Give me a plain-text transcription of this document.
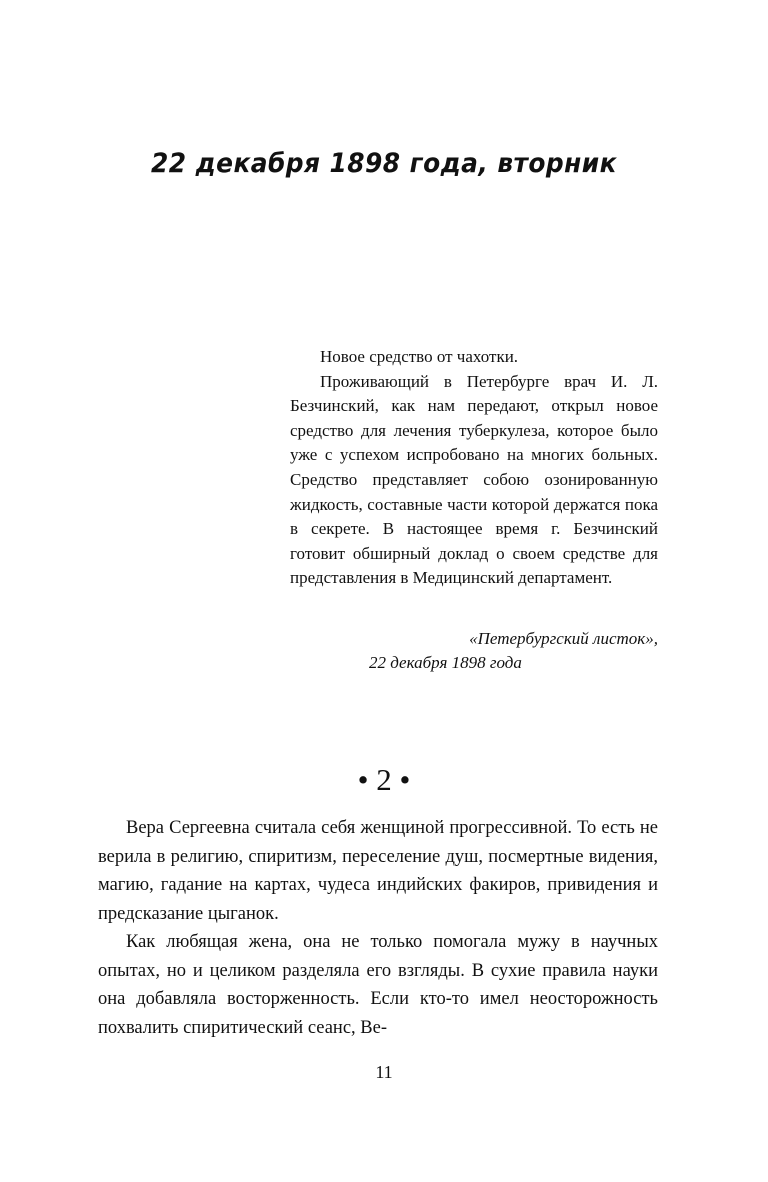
22 декабря 1898 года, вторник

Новое средство от чахотки.

Проживающий в Петербурге врач И. Л. Безчинский, как нам передают, открыл новое средство для лечения туберкулеза, которое было уже с успехом испробовано на многих больных. Средство представляет собою озонированную жидкость, составные части которой держатся пока в секрете. В настоящее время г. Безчинский готовит обширный доклад о своем средстве для представления в Медицинский департамент.

«Петербургский листок»,
22 декабря 1898 года
• 2 •

Вера Сергеевна считала себя женщиной прогрессивной. То есть не верила в религию, спиритизм, переселение душ, посмертные видения, магию, гадание на картах, чудеса индийских факиров, привидения и предсказание цыганок.

Как любящая жена, она не только помогала мужу в научных опытах, но и целиком разделяла его взгляды. В сухие правила науки она добавляла восторженность. Если кто-то имел неосторожность похвалить спиритический сеанс, Ве-

11
